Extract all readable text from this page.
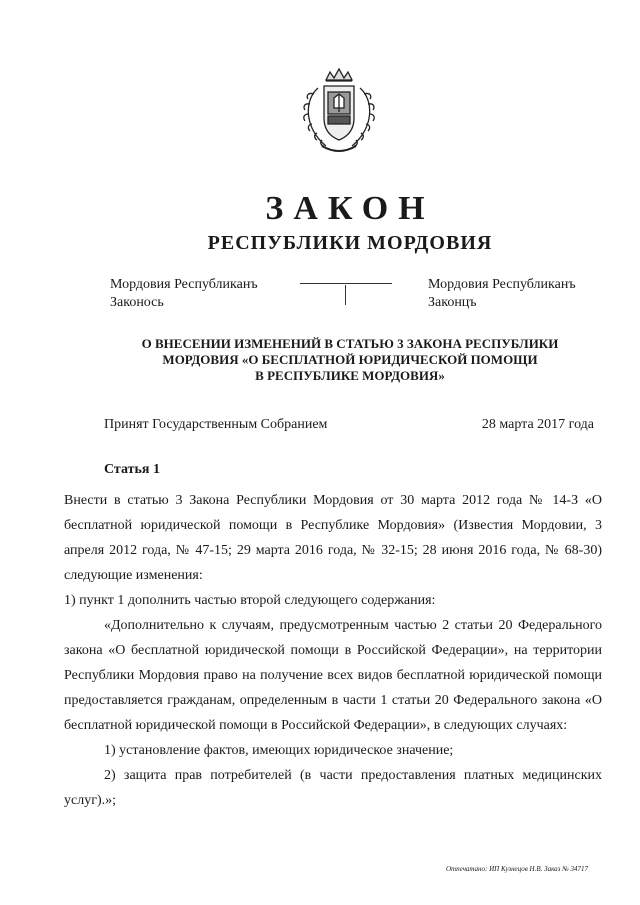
ЗАКОН
РЕСПУБЛИКИ МОРДОВИЯ
Мордовия Республиканъ
Законось
Мордовия Республиканъ
Законцъ
О ВНЕСЕНИИ ИЗМЕНЕНИЙ В СТАТЬЮ 3 ЗАКОНА РЕСПУБЛИКИ
МОРДОВИЯ «О БЕСПЛАТНОЙ ЮРИДИЧЕСКОЙ ПОМОЩИ
В РЕСПУБЛИКЕ МОРДОВИЯ»
Принят Государственным Собранием	28 марта 2017 года
Статья 1

Внести в статью 3 Закона Республики Мордовия от 30 марта 2012 года № 14-З «О бесплатной юридической помощи в Республике Мордовия» (Известия Мордовии, 3 апреля 2012 года, № 47-15; 29 марта 2016 года, № 32-15; 28 июня 2016 года, № 68-30) следующие изменения:

1) пункт 1 дополнить частью второй следующего содержания:

«Дополнительно к случаям, предусмотренным частью 2 статьи 20 Федерального закона «О бесплатной юридической помощи в Российской Федерации», на территории Республики Мордовия право на получение всех видов бесплатной юридической помощи предоставляется гражданам, определенным в части 1 статьи 20 Федерального закона «О бесплатной юридической помощи в Российской Федерации», в следующих случаях:

1) установление фактов, имеющих юридическое значение;

2) защита прав потребителей (в части предоставления платных медицинских услуг).»;

Отпечатано: ИП Кузнецов Н.В. Заказ № 34717
